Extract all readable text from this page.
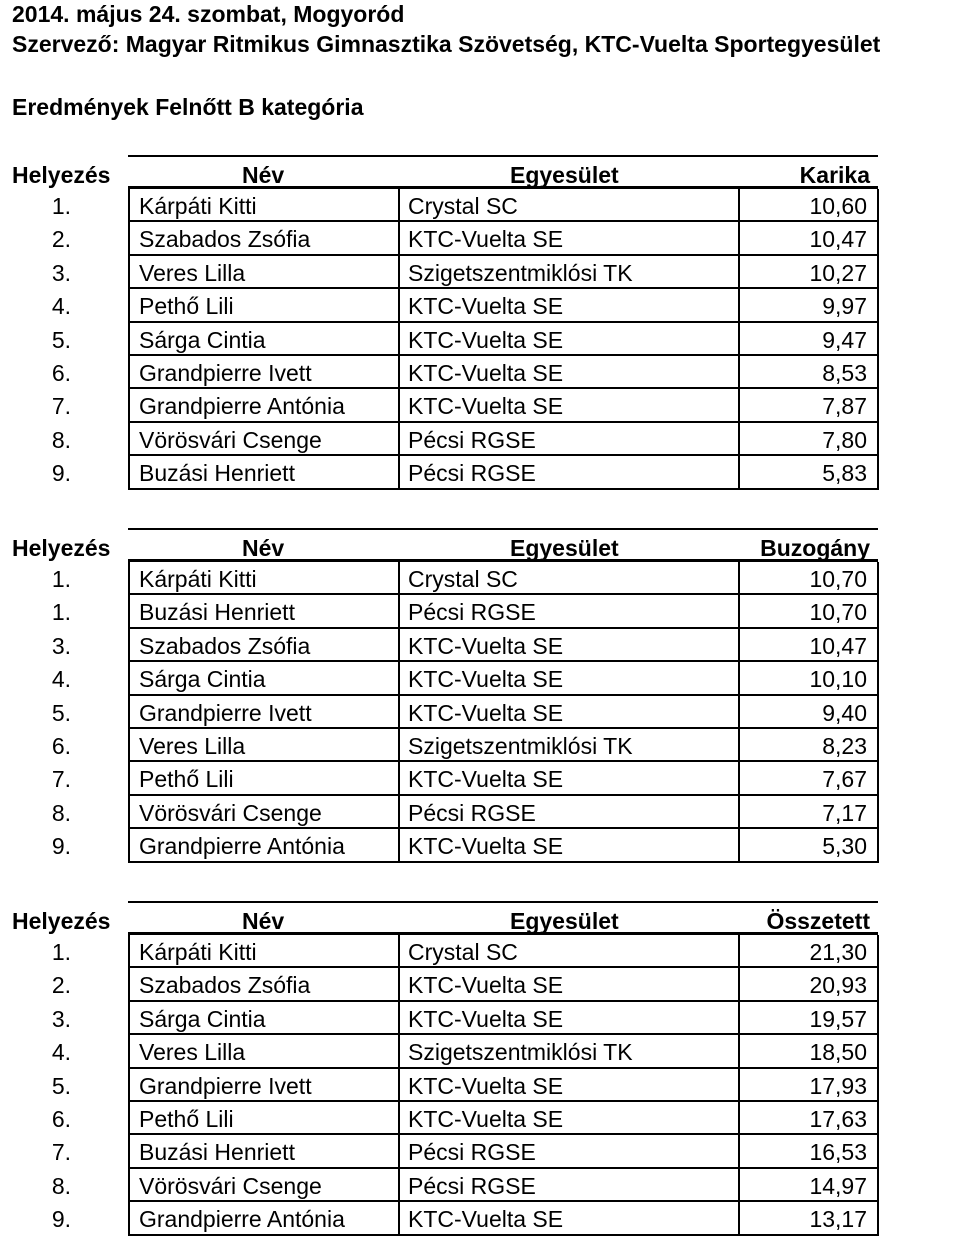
2014. május 24. szombat, Mogyoród
Szervező: Magyar Ritmikus Gimnasztika Szövetség, KTC-Vuelta Sportegyesület
Eredmények Felnőtt B kategória
Helyezés	Név	Egyesület	Karika
1.	Kárpáti Kitti	Crystal SC	10,60
2.	Szabados Zsófia	KTC-Vuelta SE	10,47
3.	Veres Lilla	Szigetszentmiklósi TK	10,27
4.	Pethő Lili	KTC-Vuelta SE	9,97
5.	Sárga Cintia	KTC-Vuelta SE	9,47
6.	Grandpierre Ivett	KTC-Vuelta SE	8,53
7.	Grandpierre Antónia	KTC-Vuelta SE	7,87
8.	Vörösvári Csenge	Pécsi RGSE	7,80
9.	Buzási Henriett	Pécsi RGSE	5,83
Helyezés	Név	Egyesület	Buzogány
1.	Kárpáti Kitti	Crystal SC	10,70
1.	Buzási Henriett	Pécsi RGSE	10,70
3.	Szabados Zsófia	KTC-Vuelta SE	10,47
4.	Sárga Cintia	KTC-Vuelta SE	10,10
5.	Grandpierre Ivett	KTC-Vuelta SE	9,40
6.	Veres Lilla	Szigetszentmiklósi TK	8,23
7.	Pethő Lili	KTC-Vuelta SE	7,67
8.	Vörösvári Csenge	Pécsi RGSE	7,17
9.	Grandpierre Antónia	KTC-Vuelta SE	5,30
Helyezés	Név	Egyesület	Összetett
1.	Kárpáti Kitti	Crystal SC	21,30
2.	Szabados Zsófia	KTC-Vuelta SE	20,93
3.	Sárga Cintia	KTC-Vuelta SE	19,57
4.	Veres Lilla	Szigetszentmiklósi TK	18,50
5.	Grandpierre Ivett	KTC-Vuelta SE	17,93
6.	Pethő Lili	KTC-Vuelta SE	17,63
7.	Buzási Henriett	Pécsi RGSE	16,53
8.	Vörösvári Csenge	Pécsi RGSE	14,97
9.	Grandpierre Antónia	KTC-Vuelta SE	13,17
